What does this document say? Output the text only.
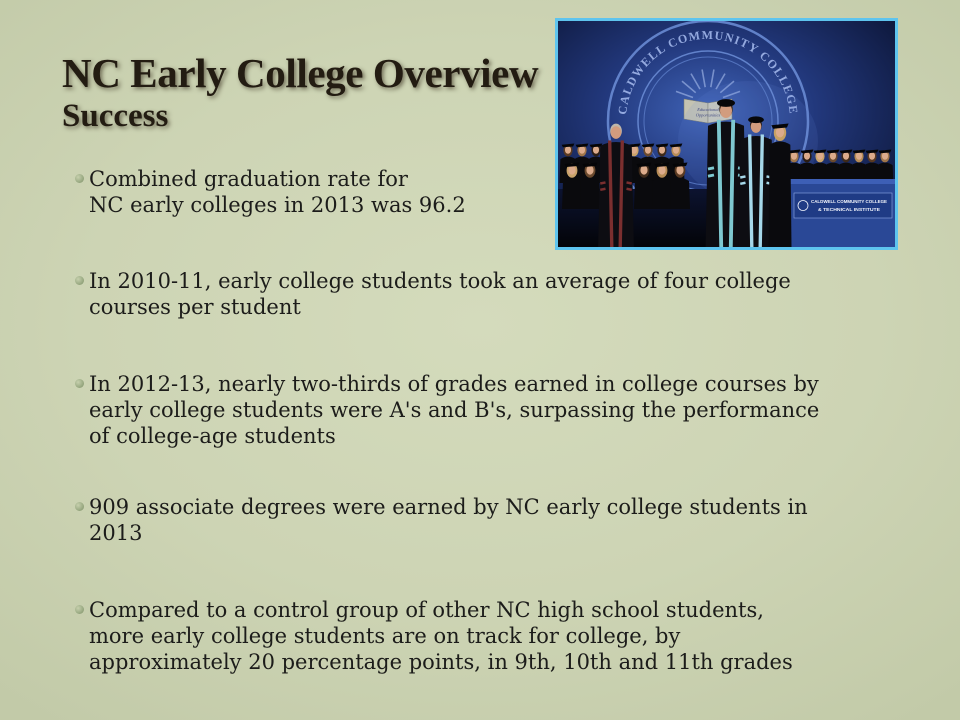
NC Early College Overview
Success	CALDWELL COMMUNITY COLLEGE
Educational
Opportunities
CALDWELL COMMUNITY COLLEGE
& TECHNICAL INSTITUTE
Combined graduation rate for
NC early colleges in 2013 was 96.2
In 2010-11, early college students took an average of four college
courses per student
In 2012-13, nearly two-thirds of grades earned in college courses by
early college students were A's and B's, surpassing the performance
of college-age students
909 associate degrees were earned by NC early college students in
2013
Compared to a control group of other NC high school students,
more early college students are on track for college, by
approximately 20 percentage points, in 9th, 10th and 11th grades
